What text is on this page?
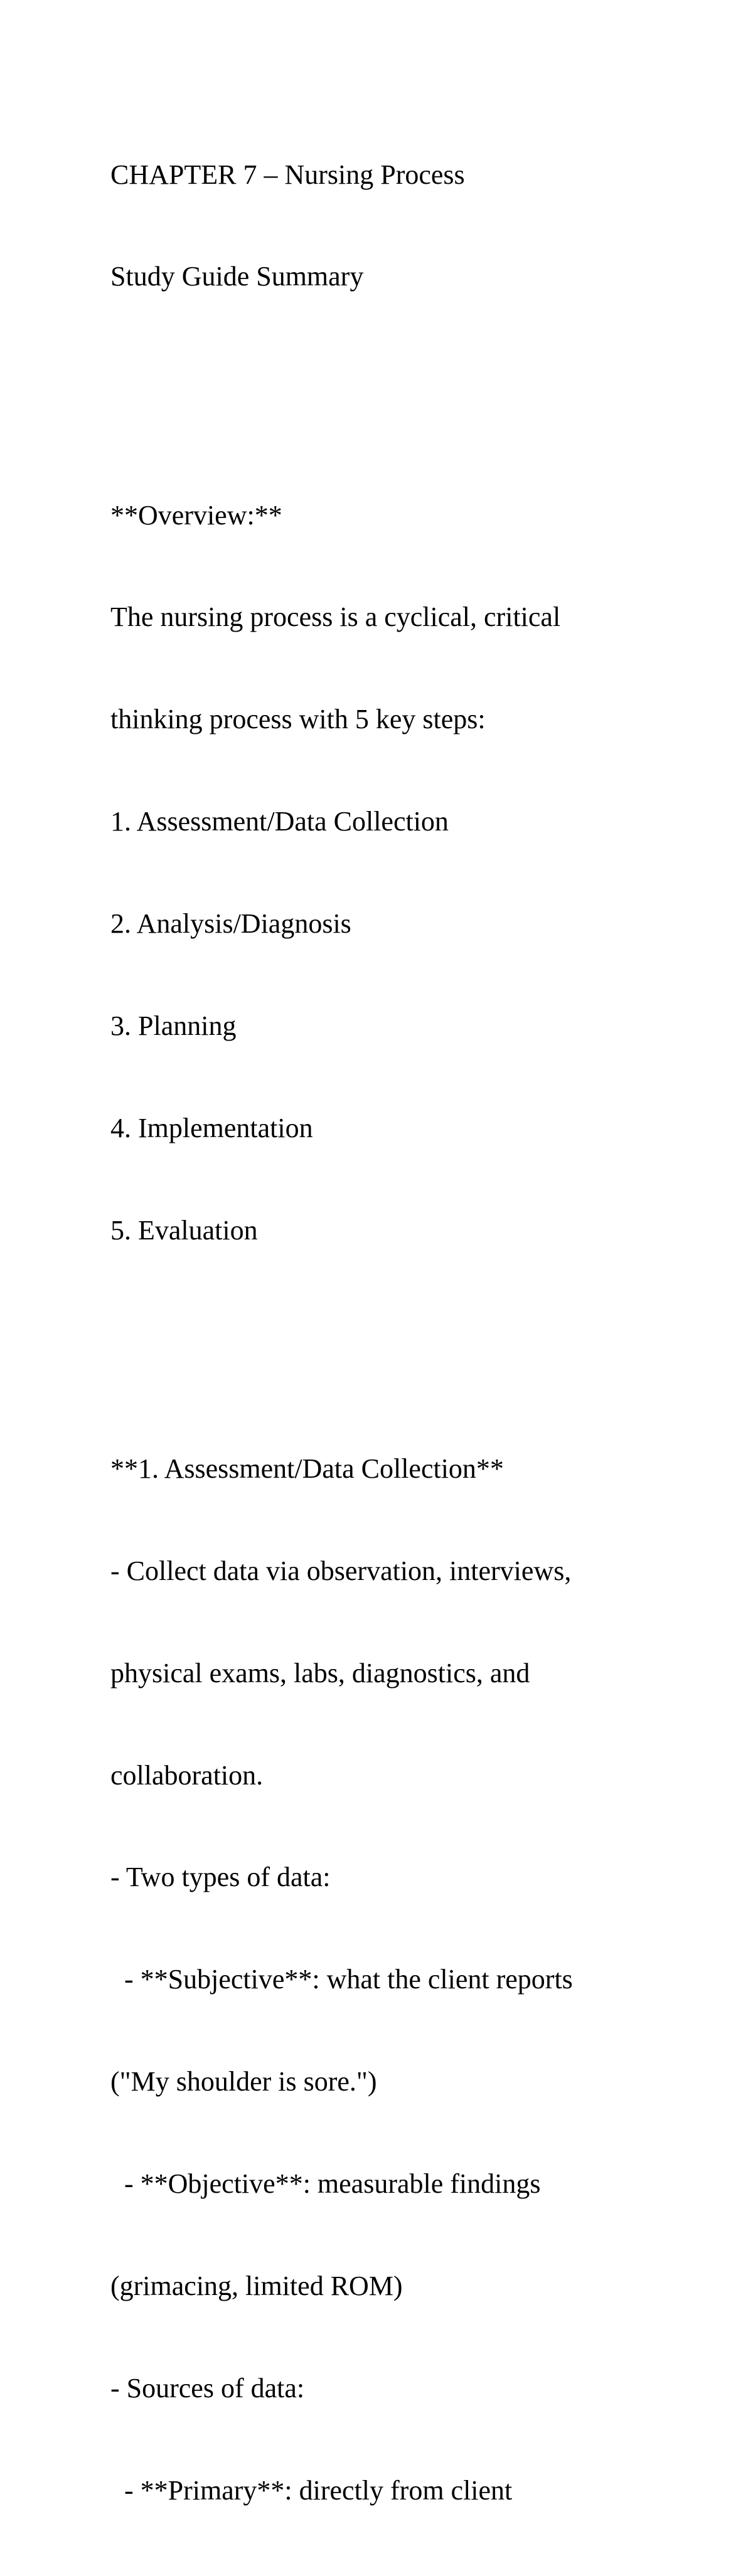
CHAPTER 7 – Nursing Process

Study Guide Summary

**Overview:**

The nursing process is a cyclical, critical

thinking process with 5 key steps:

1. Assessment/Data Collection

2. Analysis/Diagnosis

3. Planning

4. Implementation

5. Evaluation

**1. Assessment/Data Collection**

- Collect data via observation, interviews,

physical exams, labs, diagnostics, and

collaboration.

- Two types of data:

- **Subjective**: what the client reports

("My shoulder is sore.")

- **Objective**: measurable findings

(grimacing, limited ROM)

- Sources of data:

- **Primary**: directly from client
